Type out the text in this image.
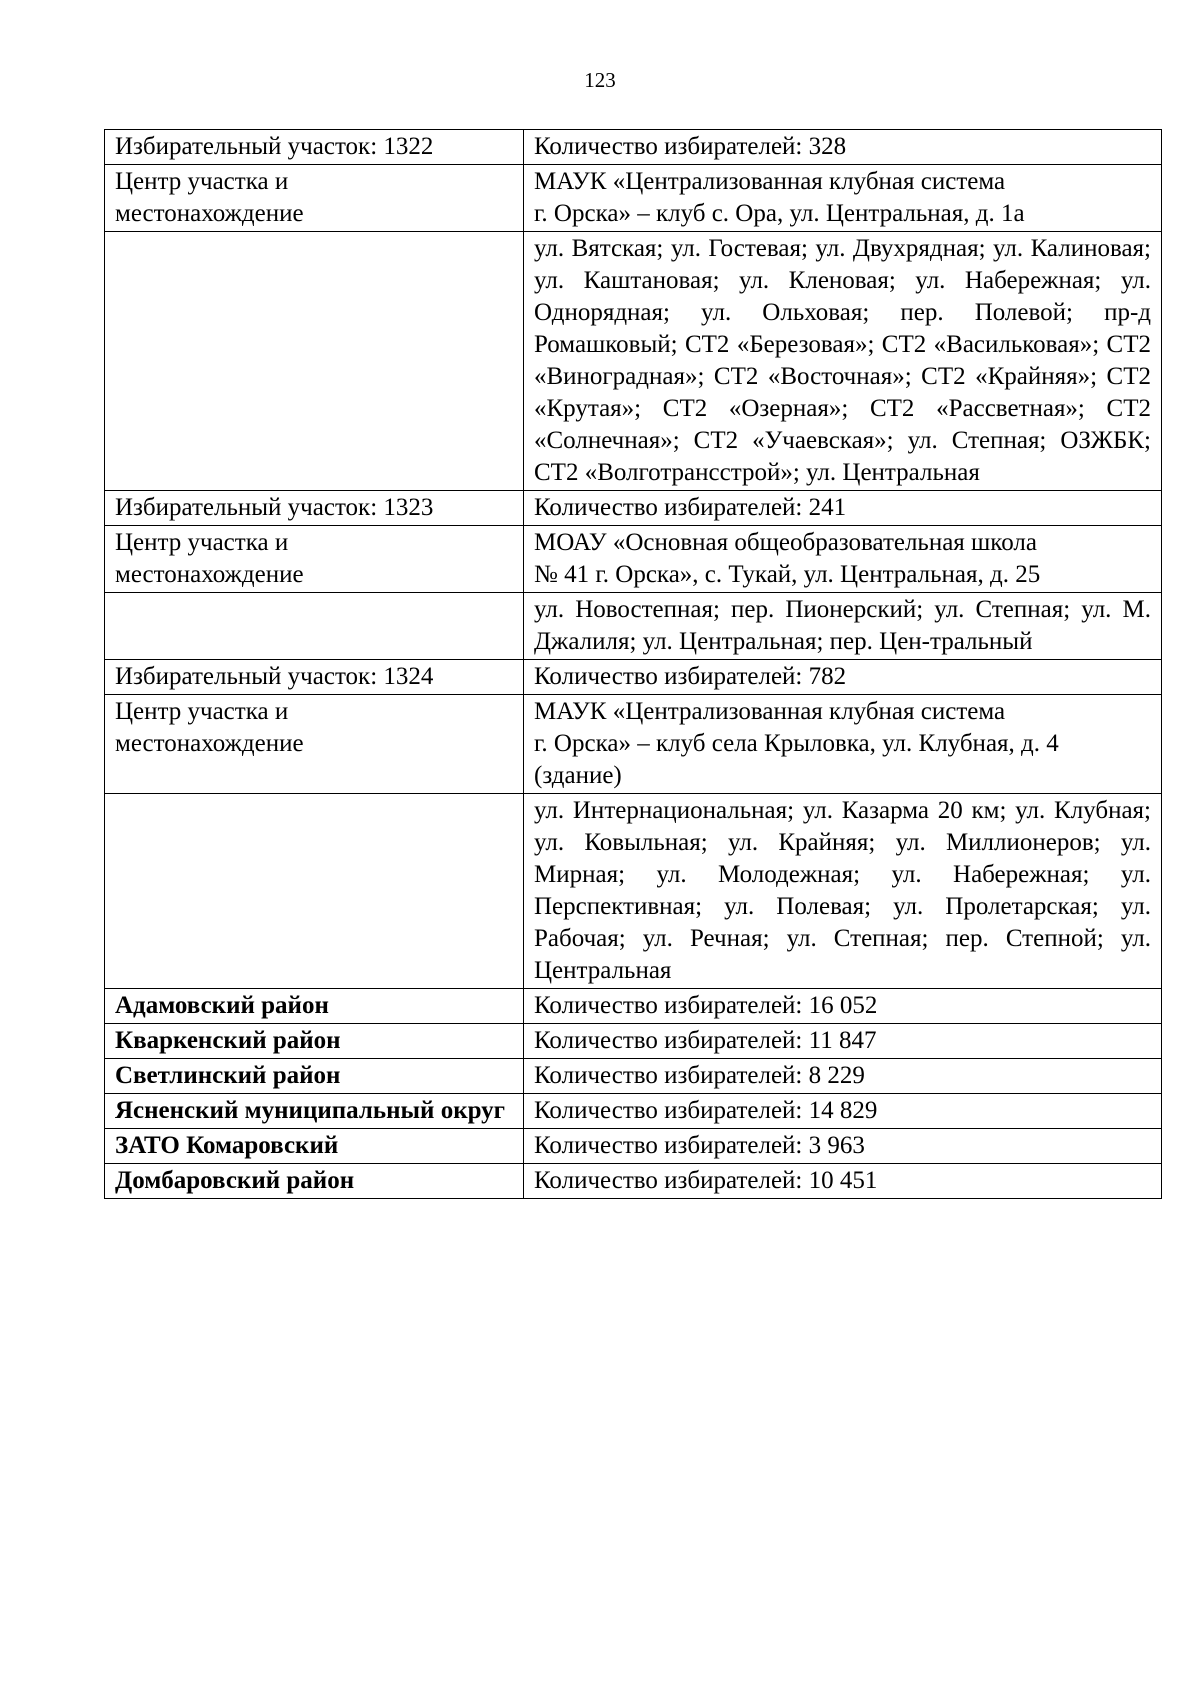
123
Избирательный участок: 1322	Количество избирателей: 328
Центр участка и
местонахождение	МАУК «Централизованная клубная система
г. Орска» – клуб с. Ора, ул. Центральная, д. 1а
	ул. Вятская; ул. Гостевая; ул. Двухрядная; ул. Калиновая; ул. Каштановая; ул. Кленовая; ул. Набережная; ул. Однорядная; ул. Ольховая; пер. Полевой; пр-д Ромашковый; СТ2 «Березовая»; СТ2 «Васильковая»; СТ2 «Виноградная»; СТ2 «Восточная»; СТ2 «Крайняя»; СТ2 «Крутая»; СТ2 «Озерная»; СТ2 «Рассветная»; СТ2 «Солнечная»; СТ2 «Учаевская»; ул. Степная; ОЗЖБК; СТ2 «Волготрансстрой»; ул. Центральная
Избирательный участок: 1323	Количество избирателей: 241
Центр участка и
местонахождение	МОАУ «Основная общеобразовательная школа
№ 41 г. Орска», с. Тукай, ул. Центральная, д. 25
	ул. Новостепная; пер. Пионерский; ул. Степная; ул. М. Джалиля; ул. Центральная; пер. Цен-тральный
Избирательный участок: 1324	Количество избирателей: 782
Центр участка и
местонахождение	МАУК «Централизованная клубная система
г. Орска» – клуб села Крыловка, ул. Клубная, д. 4
(здание)
	ул. Интернациональная; ул. Казарма 20 км; ул. Клубная; ул. Ковыльная; ул. Крайняя; ул. Миллионеров; ул. Мирная; ул. Молодежная; ул. Набережная; ул. Перспективная; ул. Полевая; ул. Пролетарская; ул. Рабочая; ул. Речная; ул. Степная; пер. Степной; ул. Центральная
Адамовский район	Количество избирателей: 16 052
Кваркенский район	Количество избирателей: 11 847
Светлинский район	Количество избирателей: 8 229
Ясненский муниципальный округ	Количество избирателей: 14 829
ЗАТО Комаровский	Количество избирателей: 3 963
Домбаровский район	Количество избирателей: 10 451
